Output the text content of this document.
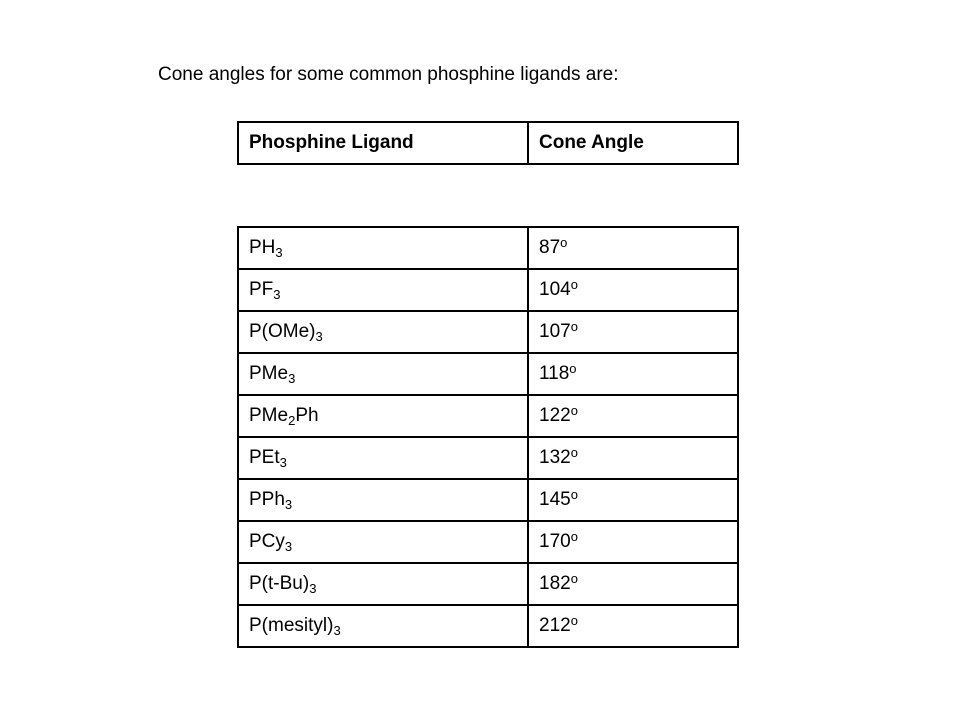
Cone angles for some common phosphine ligands are:
Phosphine Ligand	Cone Angle
$PH_3$	87$^o$
$PF_3$	104$^o$
$P(OMe)_3$	107$^o$
PMe$_3$	118$^o$
PMe$_2$Ph	122$^o$
PEt$_3$	132$^o$
PPh$_3$	145$^o$
PCy$_3$	170$^o$
$P(t-Bu)_3$	182$^o$
$P(mesityl)_3$	212$^o$
